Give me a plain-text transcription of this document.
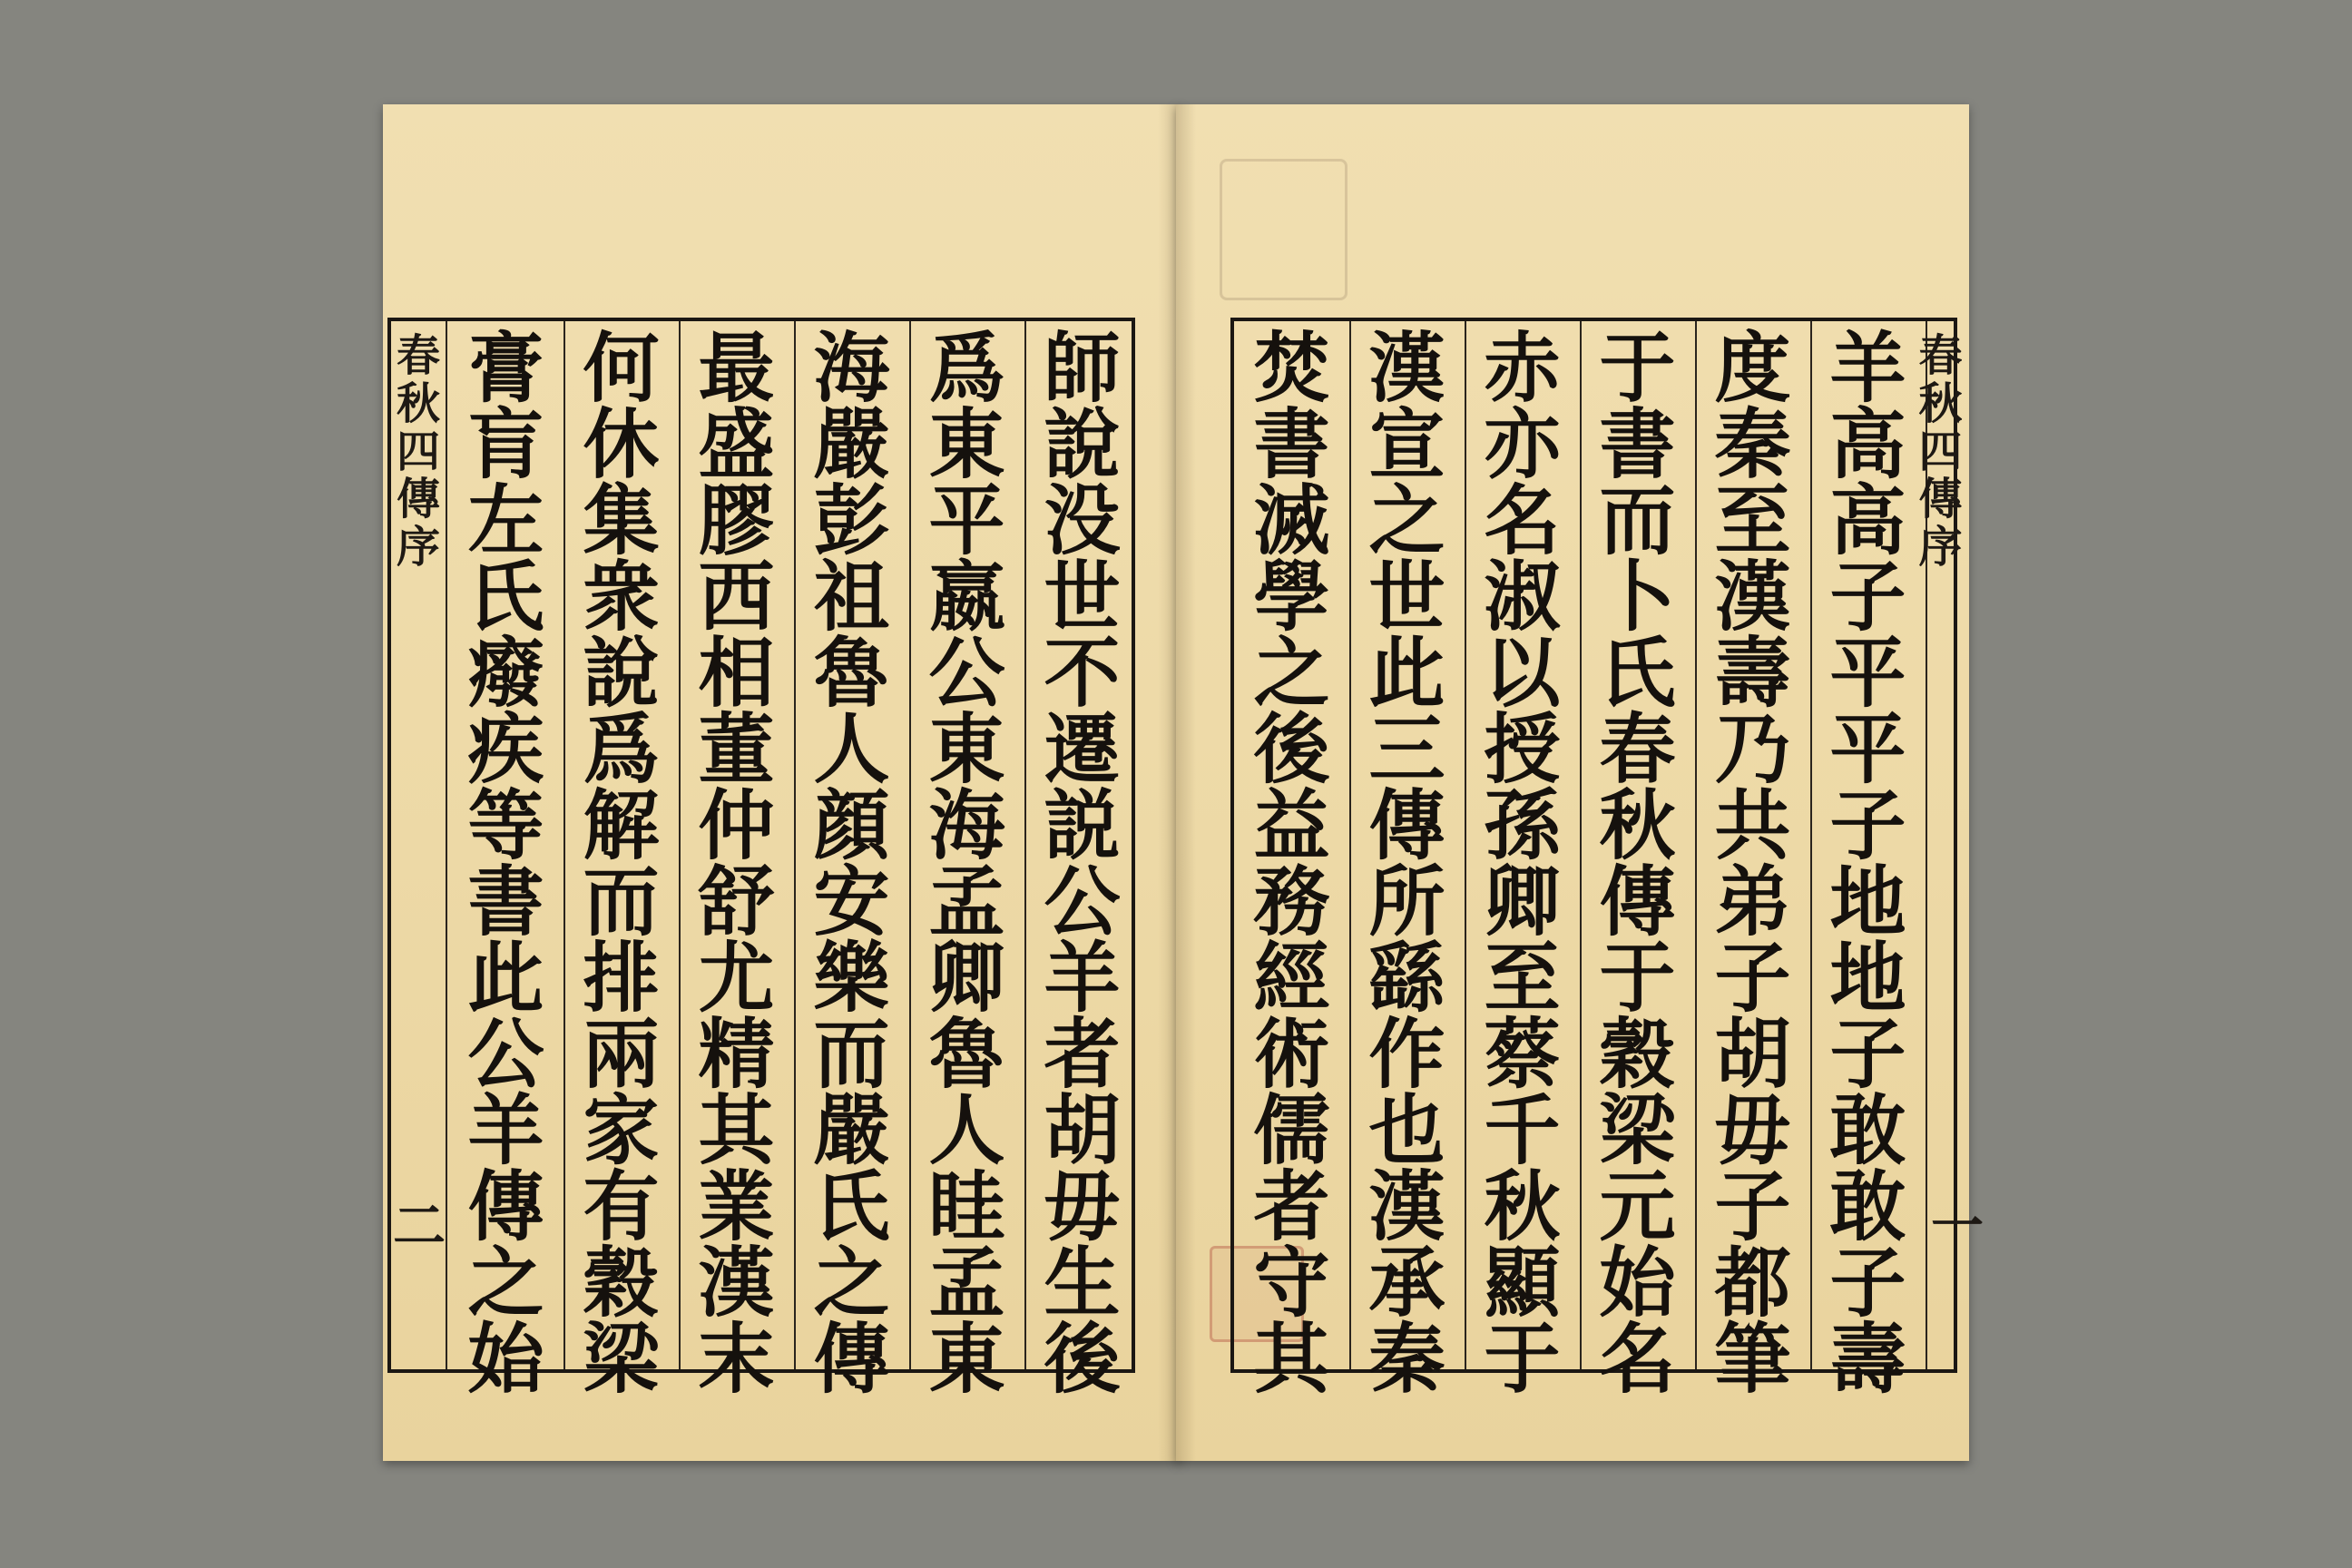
春
秋
四
傳
序
二
膏
肓
左
氏
癈
疾
等
書
此
公
羊
傳
之
始
何
休
集
衆
說
爲
解
而
排
兩
家
有
穀
梁
最
盛
膠
西
相
董
仲
舒
尤
精
其
業
漢
末
海
嚴
彭
祖
魯
人
顔
安
樂
而
嚴
氏
之
傳
爲
東
平
嬴
公
東
海
孟
卿
魯
人
眭
孟
東
師
說
没
世
不
遷
説
公
羊
者
胡
毋
生
後
焚
書
滅
學
之
後
益
務
經
術
儒
者
守
其
漢
宣
之
世
此
三
傳
所
繇
作
也
漢
承
秦
赤
亦
名
淑
以
授
孫
卿
至
蔡
千
秋
顯
于
于
書
而
卜
氏
春
秋
傳
于
穀
梁
元
始
名
度
秦
至
漢
壽
乃
共
弟
子
胡
毋
子
都
筆
羊
高
高
子
平
平
子
地
地
子
敢
敢
子
壽
春
秋
四
傳
序
一
